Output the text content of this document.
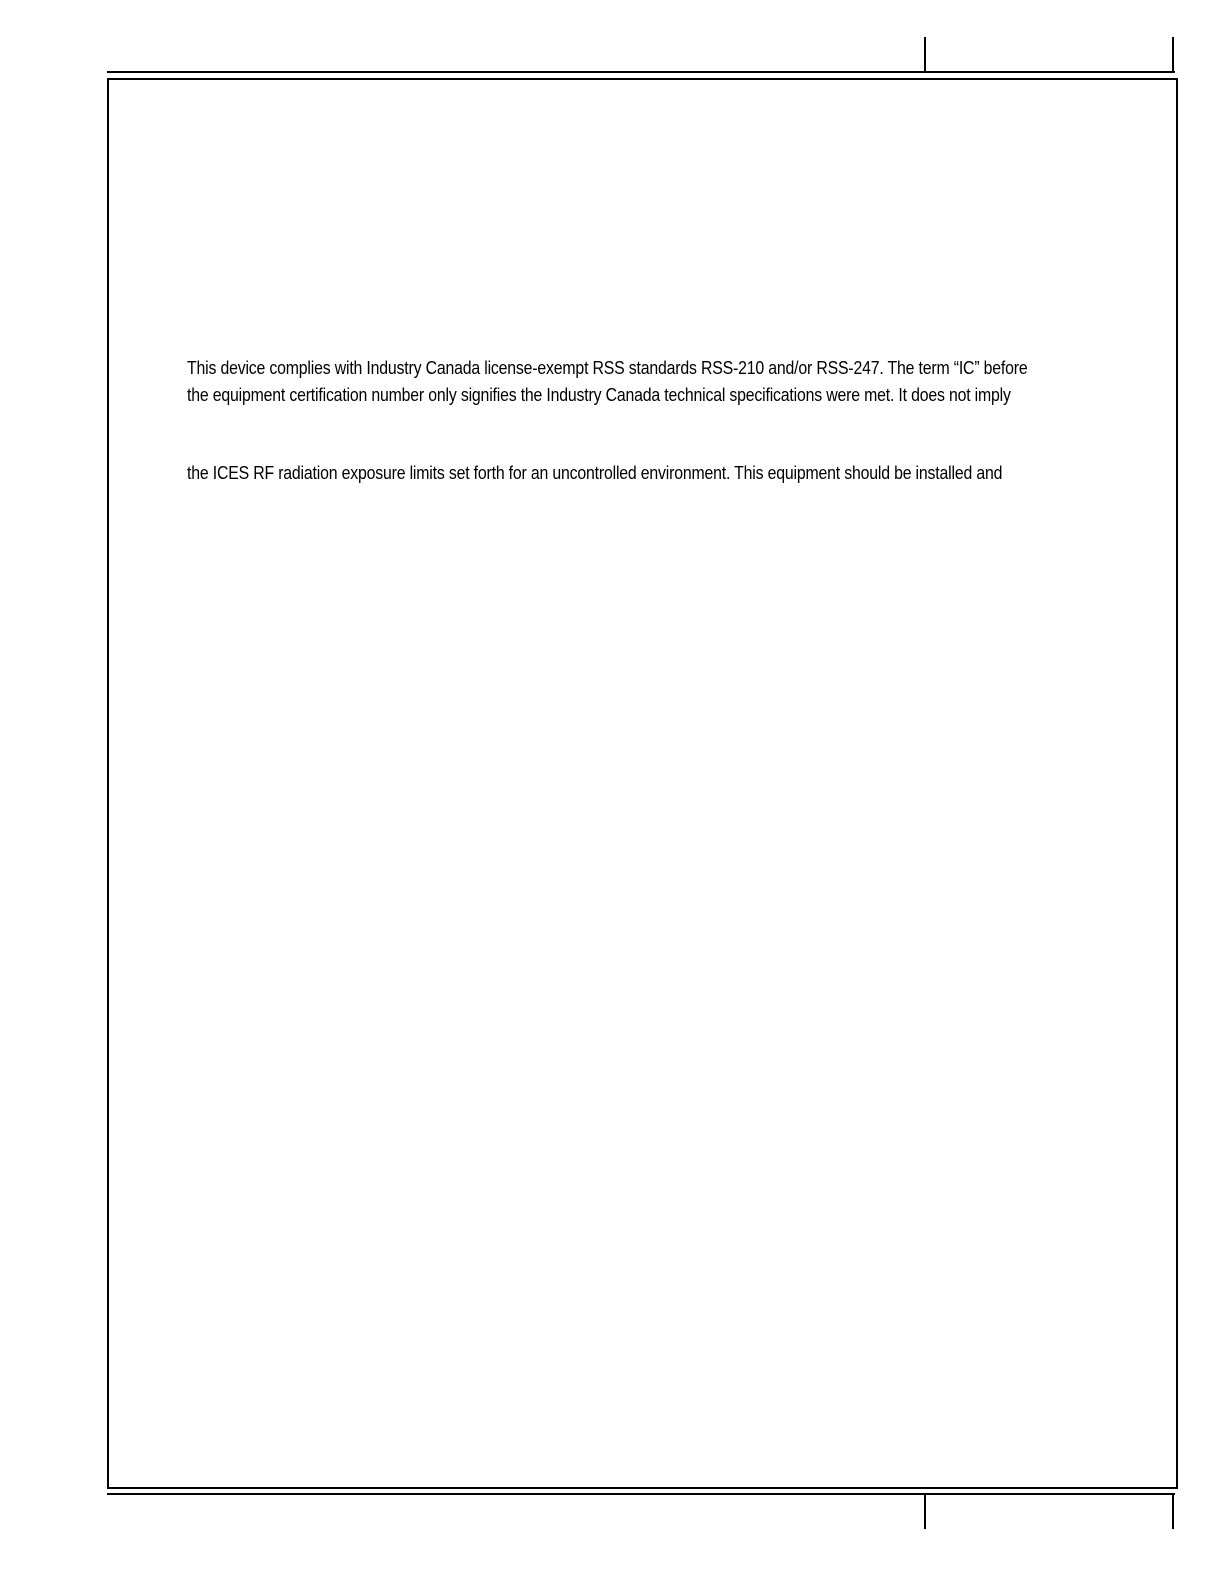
This device complies with Industry Canada license-exempt RSS standards RSS-210 and/or RSS-247. The term “IC” before
the equipment certification number only signifies the Industry Canada technical specifications were met. It does not imply
the ICES RF radiation exposure limits set forth for an uncontrolled environment. This equipment should be installed and
